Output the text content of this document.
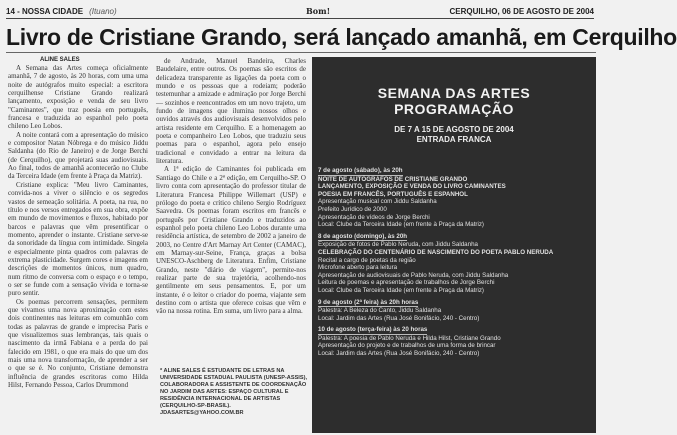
14 - NOSSA CIDADE (Ituano)	Bom!	CERQUILHO, 06 DE AGOSTO DE 2004
Livro de Cristiane Grando, será lançado amanhã, em Cerquilho
ALINE SALES

A Semana das Artes começa oficialmente amanhã, 7 de agosto, às 20 horas, com uma uma noite de autógrafos muito especial: a escritora cerquilhense Cristiane Grando realizará lançamento, exposição e venda de seu livro "Caminantes", que traz poesia em português, francesa e traduzida ao espanhol pelo poeta chileno Leo Lobos.

A noite contará com a apresentação do músico e compositor Natan Nóbrega e do músico Jiddu Saldanha (do Rio de Janeiro) e de Jorge Berchi (de Cerquilho), que projetará suas audiovisuais. Ao final, todos de amanhã acontecerão no Clube da Terceira Idade (em frente à Praça da Matriz).

Cristiane explica: "Meu livro Caminantes, convida-nos a viver o silêncio e os segredos vastos de semeação solitária. A poeta, na rua, no título e nos versos entregados em sua obra, expõe em mundo de movimentos e fluxos, habitado por barcos e palavras que vêm presentificar o momento, aprender o instante. Cristiane serve-se da sonoridade da língua com intimidade. Singela e especialmente pinta quadros com palavras de extrema plasticidade. Surgem cores e imagens em descrições de momentos únicos, num quadro, num ritmo de conversa com o espaço e o tempo, o ser se funde com a sensação vivida e torna-se puro sentir.

Os poemas percorrem sensações, permitem que vivamos uma nova aproximação com estes dois continentes nas leituras em comunhão com todas as palavras de grande e imprecisa Paris e que visualizemos suas lembranças, tais quais o nascimento da irmã Fabiana e a perda do pai falecido em 1981, o que era mais do que um dos mais uma nova transformação, de aprender a ser o que se é. No conjunto, Cristiane demonstra influência de grandes escritoras como Hilda Hilst, Fernando Pessoa, Carlos Drummond

de Andrade, Manuel Bandeira, Charles Baudelaire, entre outros. Os poemas são escritos de delicadeza transparente as ligações da poeta com o mundo e os pessoas que a rodeiam; poderão testemunhar a amizade e admiração por Jorge Berchi — sozinhos e reencontrados em um novo trajeto, um fundo de imagens que ilumina nossos olhos e ouvidos através dos audiovisuais desenvolvidos pelo artista residente em Cerquilho. E a homenagem ao poeta e companheiro Leo Lobos, que traduziu seus poemas para o espanhol, agora pelo ensejo tradicional e convidado a entrar na leitura da literatura.

A 1ª edição de Caminantes foi publicada em Santiago do Chile e a 2ª edição, em Cerquilho-SP. O livro conta com apresentação do professor titular de Literatura Francesa Philippe Willemart (USP) e prólogo do poeta e crítico chileno Sergio Rodríguez Saavedra. Os poemas foram escritos em francês e português por Cristiane Grando e traduzidos ao espanhol pelo poeta chileno Leo Lobos durante uma residência artística, de setembro de 2002 a janeiro de 2003, no Centre d'Art Marnay Art Center (CAMAC), em Marnay-sur-Seine, França, graças a bolsa UNESCO-Aschberg de Literatura. Enfim, Cristiane Grando, neste "diário de viagem", permite-nos realizar parte de sua trajetória, acolhendo-nos gentilmente em seus pensamentos. E, por um instante, é o leitor o criador do poema, viajante sem destino com o artista que oferece coisas que vêm e vão na nossa rotina. Em suma, um livro para a alma.

* ALINE SALES É ESTUDANTE DE LETRAS NA UNIVERSIDADE ESTADUAL PAULISTA (UNESP-ASSIS), COLABORADORA E ASSISTENTE DE COORDENAÇÃO NO JARDIM DAS ARTES: ESPAÇO CULTURAL E RESIDÊNCIA INTERNACIONAL DE ARTISTAS (CERQUILHO-SP-BRASIL). JDASARTES@YAHOO.COM.BR
SEMANA DAS ARTES
PROGRAMAÇÃO
DE 7 A 15 DE AGOSTO DE 2004
ENTRADA FRANCA
7 de agosto (sábado), às 20h
NOITE DE AUTÓGRAFOS DE CRISTIANE GRANDO
LANÇAMENTO, EXPOSIÇÃO E VENDA DO LIVRO CAMINANTES
POESIA EM FRANCÊS, PORTUGUÊS E ESPANHOL
Apresentação musical com Jiddu Saldanha
Prefeito Jurídico de 2000
Apresentação de vídeos de Jorge Berchi
Local: Clube da Terceira Idade (em frente à Praça da Matriz)
8 de agosto (domingo), às 20h
Exposição de fotos de Pablo Neruda, com Jiddu Saldanha
CELEBRAÇÃO DO CENTENÁRIO DE NASCIMENTO DO POETA PABLO NERUDA
Recital a cargo de poetas da região
Microfone aberto para leitura
Apresentação de audiovisuais de Pablo Neruda, com Jiddu Saldanha
Leitura de poemas e apresentação de trabalhos de Jorge Berchi
Local: Clube da Terceira Idade (em frente à Praça da Matriz)
9 de agosto (2ª feira) às 20h horas
Palestra: A Beleza do Canto, Jiddu Saldanha
Local: Jardim das Artes (Rua José Bonifácio, 240 - Centro)
10 de agosto (terça-feira) às 20 horas
Palestra: A poesia de Pablo Neruda e Hilda Hilst, Cristiane Grando
Apresentação do projeto e de trabalhos de uma forma de brincar
Local: Jardim das Artes (Rua José Bonifácio, 240 - Centro)
